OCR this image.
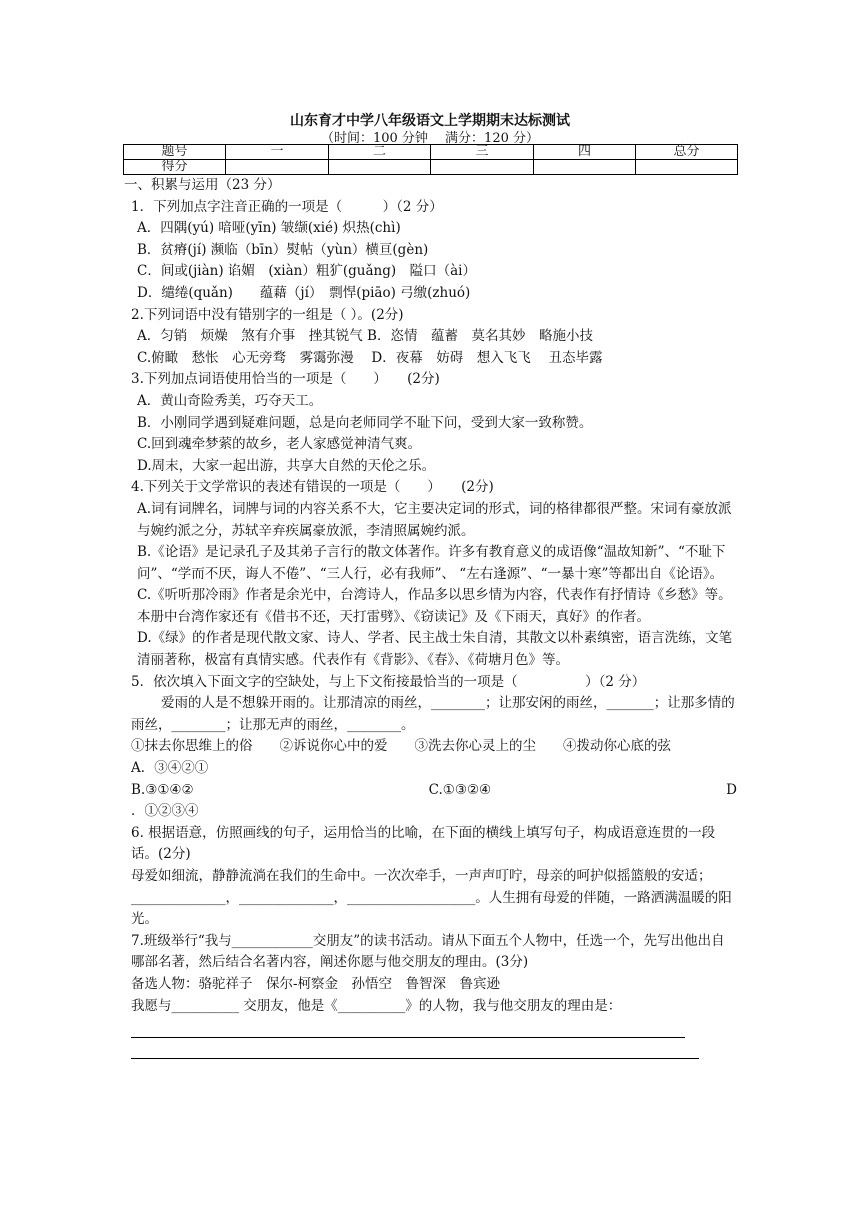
山东育才中学八年级语文上学期期末达标测试
（时间：100 分钟　 满分：120 分）
题号	一	二	三	四	总分
得分					
一、积累与运用（23 分）
1．下列加点字注音正确的一项是（　　　）（2 分）
A．四隅(yú) 喑哑(yīn) 皱缬(xié) 炽热(chì)
B．贫瘠(jí) 濒临（bīn）熨帖（yùn）横亘(gèn)
C．间或(jiàn) 谄媚　(xiàn）粗犷(guǎng)　隘口（ài）
D．缱绻(quǎn)　　蕴藉（jí）　剽悍(piāo) 弓缴(zhuó)
2.下列词语中没有错别字的一组是（ ）。(2分)
A．匀销　烦燥　煞有介事　挫其锐气 B．恣情　蕴蓄　莫名其妙　略施小技
C.俯瞰　愁怅　心无旁骛　雾霭弥漫　 D．夜幕　妨碍　想入飞飞　 丑态毕露
3.下列加点词语使用恰当的一项是（　　）　　(2分)
A．黄山奇险秀美，巧夺天工。
B．小刚同学遇到疑难问题，总是向老师同学不耻下问，受到大家一致称赞。
C.回到魂牵梦萦的故乡，老人家感觉神清气爽。
D.周末，大家一起出游，共享大自然的天伦之乐。
4.下列关于文学常识的表述有错误的一项是（　　）　　(2分)
A.词有词牌名，词牌与词的内容关系不大，它主要决定词的形式，词的格律都很严整。宋词有豪放派与婉约派之分，苏轼辛弃疾属豪放派，李清照属婉约派。
B.《论语》是记录孔子及其弟子言行的散文体著作。许多有教育意义的成语像“温故知新”、“不耻下问”、“学而不厌，诲人不倦”、“三人行，必有我师”、 “左右逢源”、“一暴十寒”等都出自《论语》。
C.《听听那冷雨》作者是余光中，台湾诗人，作品多以思乡情为内容，代表作有抒情诗《乡愁》等。本册中台湾作家还有《借书不还，天打雷劈》、《窃读记》及《下雨天，真好》的作者。
D.《绿》的作者是现代散文家、诗人、学者、民主战士朱自清，其散文以朴素缜密，语言洗练，文笔清丽著称，极富有真情实感。代表作有《背影》、《春》、《荷塘月色》等。
5．依次填入下面文字的空缺处，与上下文衔接最恰当的一项是（　　　　　）（2 分）
爱雨的人是不想躲开雨的。让那清凉的雨丝，________；让那安闲的雨丝，_______；让那多情的雨丝，________；让那无声的雨丝，________。
①抹去你思维上的俗　　②诉说你心中的爱　　③洗去你心灵上的尘　　④拨动你心底的弦
A．③④②①
B.③①④②	C.①③②④	D
．①②③④
6. 根据语意，仿照画线的句子，运用恰当的比喻，在下面的横线上填写句子，构成语意连贯的一段话。(2分)
母爱如细流，静静流淌在我们的生命中。一次次牵手，一声声叮咛，母亲的呵护似摇篮般的安适；______________，______________，___________________。人生拥有母爱的伴随，一路洒满温暖的阳光。
7.班级举行“我与____________交朋友”的读书活动。请从下面五个人物中，任选一个，先写出他出自哪部名著，然后结合名著内容，阐述你愿与他交朋友的理由。(3分)
备选人物：骆驼祥子　保尔-柯察金　孙悟空　鲁智深　鲁宾逊
我愿与__________ 交朋友，他是《__________》的人物，我与他交朋友的理由是：
